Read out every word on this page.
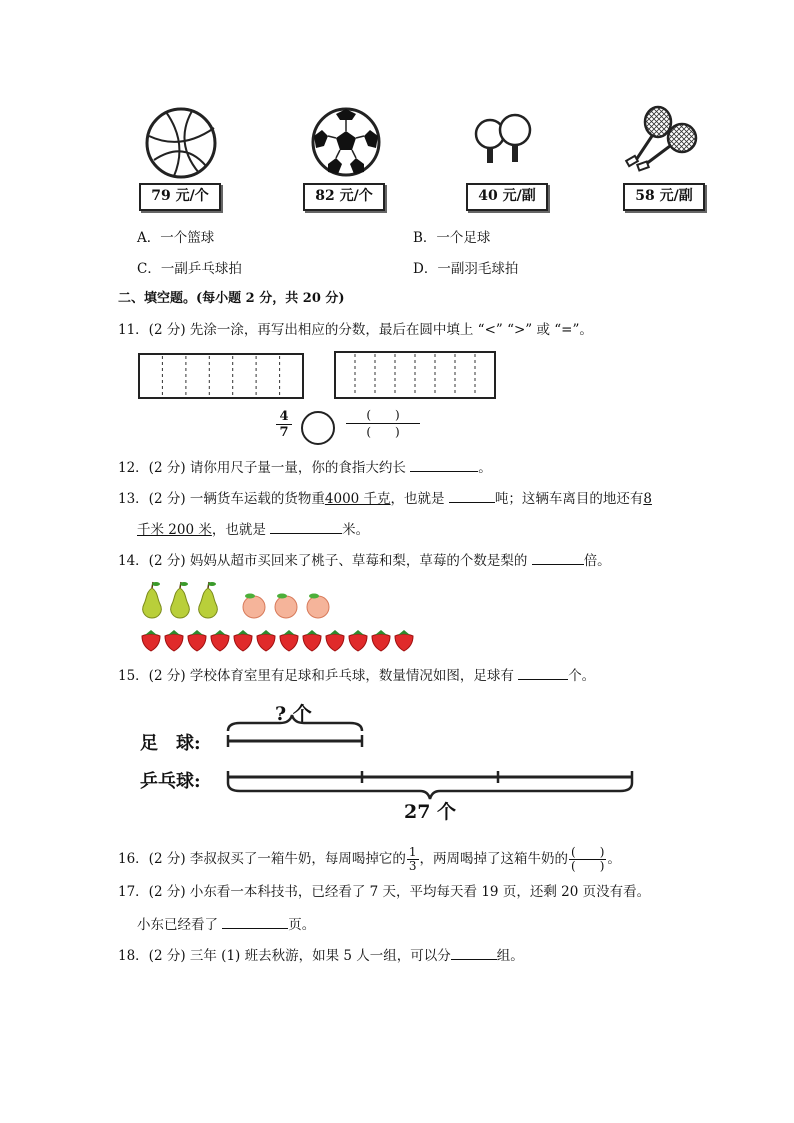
79 元/个	82 元/个	40 元/副	58 元/副
A．一个篮球	B．一个足球
C．一副乒乓球拍	D．一副羽毛球拍
二、填空题。(每小题 2 分，共 20 分)
11．(2 分) 先涂一涂，再写出相应的分数，最后在圆中填上 “<” “>” 或 “=”。
$\frac{4}{7}$	(　　)
(　　)
12．(2 分) 请你用尺子量一量，你的食指大约长	。
13．(2 分) 一辆货车运载的货物重4000 千克，也就是	吨；这辆车离目的地还有8
千米 200 米，也就是	米。
14．(2 分) 妈妈从超市买回来了桃子、草莓和梨，草莓的个数是梨的	倍。
15．(2 分) 学校体育室里有足球和乒乓球，数量情况如图，足球有	个。
? 个
足　球:
乒乓球:
27 个
16．(2 分) 李叔叔买了一箱牛奶，每周喝掉它的 $\frac{1}{3}$ ，两周喝掉了这箱牛奶的 $\frac{( )}{( )}$ 。
17．(2 分) 小东看一本科技书，已经看了 7 天，平均每天看 19 页，还剩 20 页没有看。
小东已经看了	页。
18．(2 分) 三年 (1) 班去秋游，如果 5 人一组，可以分	组。
